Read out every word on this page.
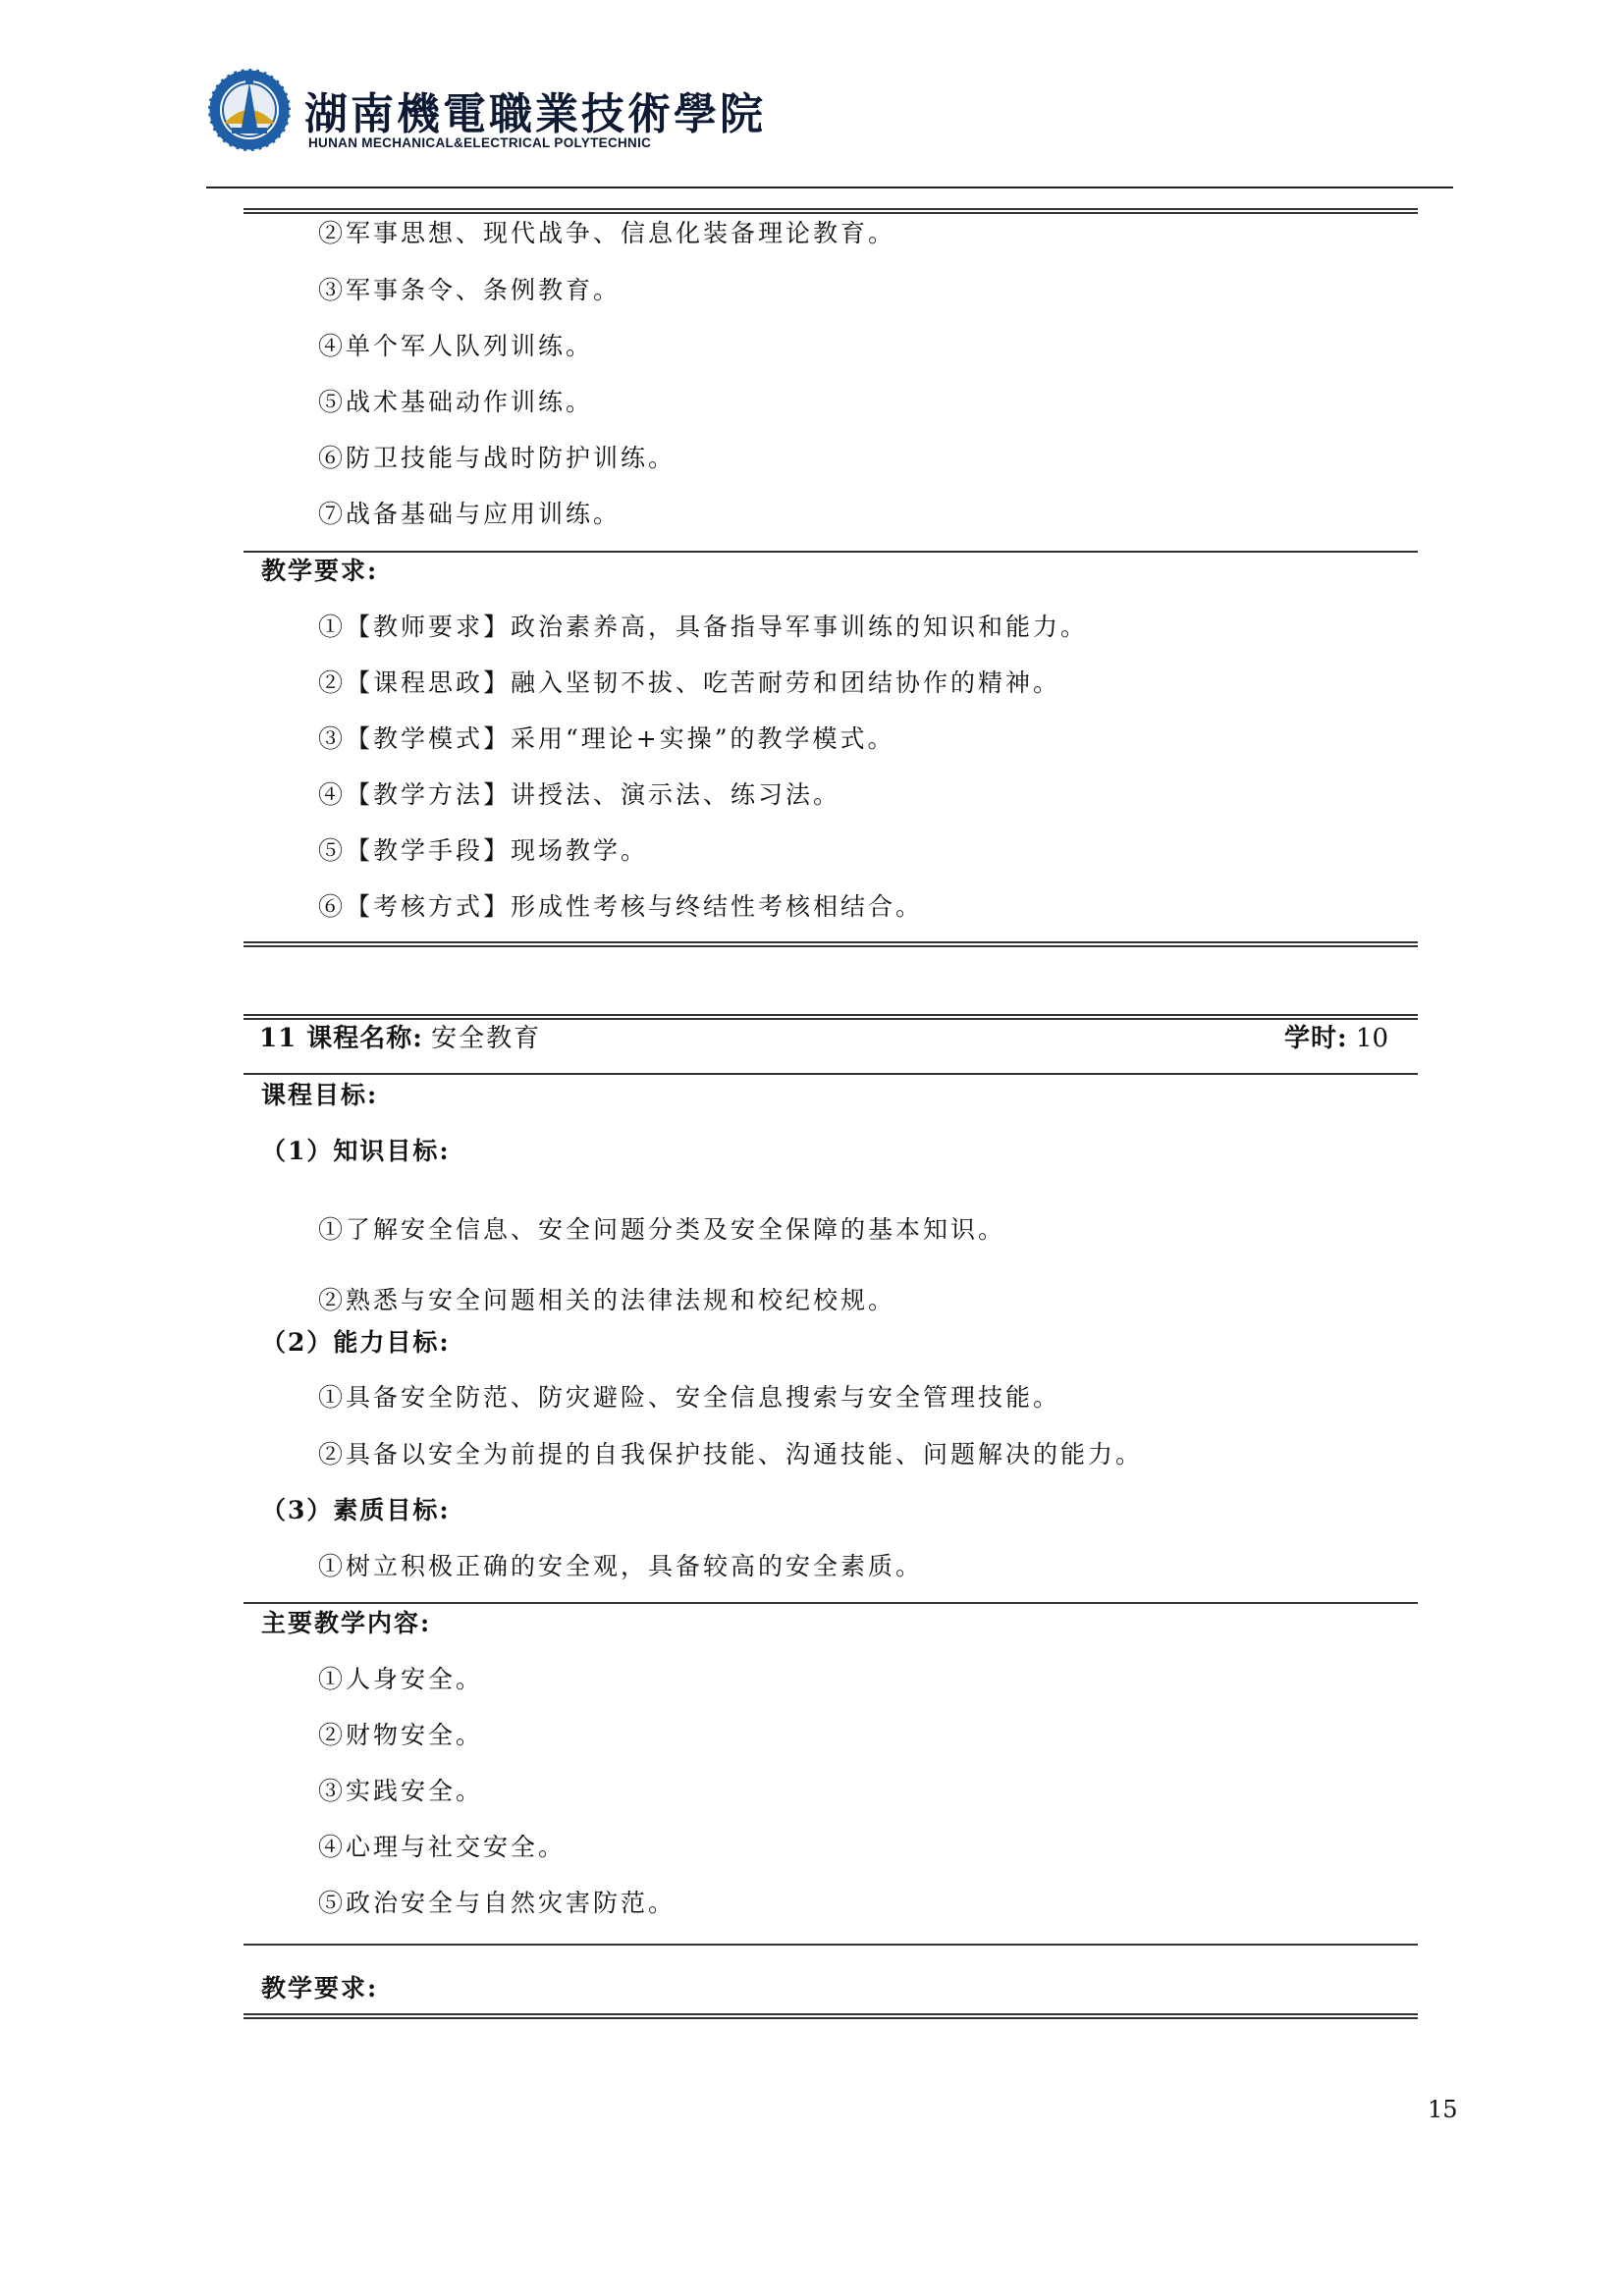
湖南機電職業技術學院
HUNAN MECHANICAL&ELECTRICAL POLYTECHNIC
②军事思想、现代战争、信息化装备理论教育。
③军事条令、条例教育。
④单个军人队列训练。
⑤战术基础动作训练。
⑥防卫技能与战时防护训练。
⑦战备基础与应用训练。
教学要求:
①【教师要求】政治素养高，具备指导军事训练的知识和能力。
②【课程思政】融入坚韧不拔、吃苦耐劳和团结协作的精神。
③【教学模式】采用“理论+实操”的教学模式。
④【教学方法】讲授法、演示法、练习法。
⑤【教学手段】现场教学。
⑥【考核方式】形成性考核与终结性考核相结合。
11 课程名称: 安全教育	学时: 10
课程目标:
（1）知识目标:
①了解安全信息、安全问题分类及安全保障的基本知识。
②熟悉与安全问题相关的法律法规和校纪校规。
（2）能力目标:
①具备安全防范、防灾避险、安全信息搜索与安全管理技能。
②具备以安全为前提的自我保护技能、沟通技能、问题解决的能力。
（3）素质目标:
①树立积极正确的安全观，具备较高的安全素质。
主要教学内容:
①人身安全。
②财物安全。
③实践安全。
④心理与社交安全。
⑤政治安全与自然灾害防范。
教学要求:
15
